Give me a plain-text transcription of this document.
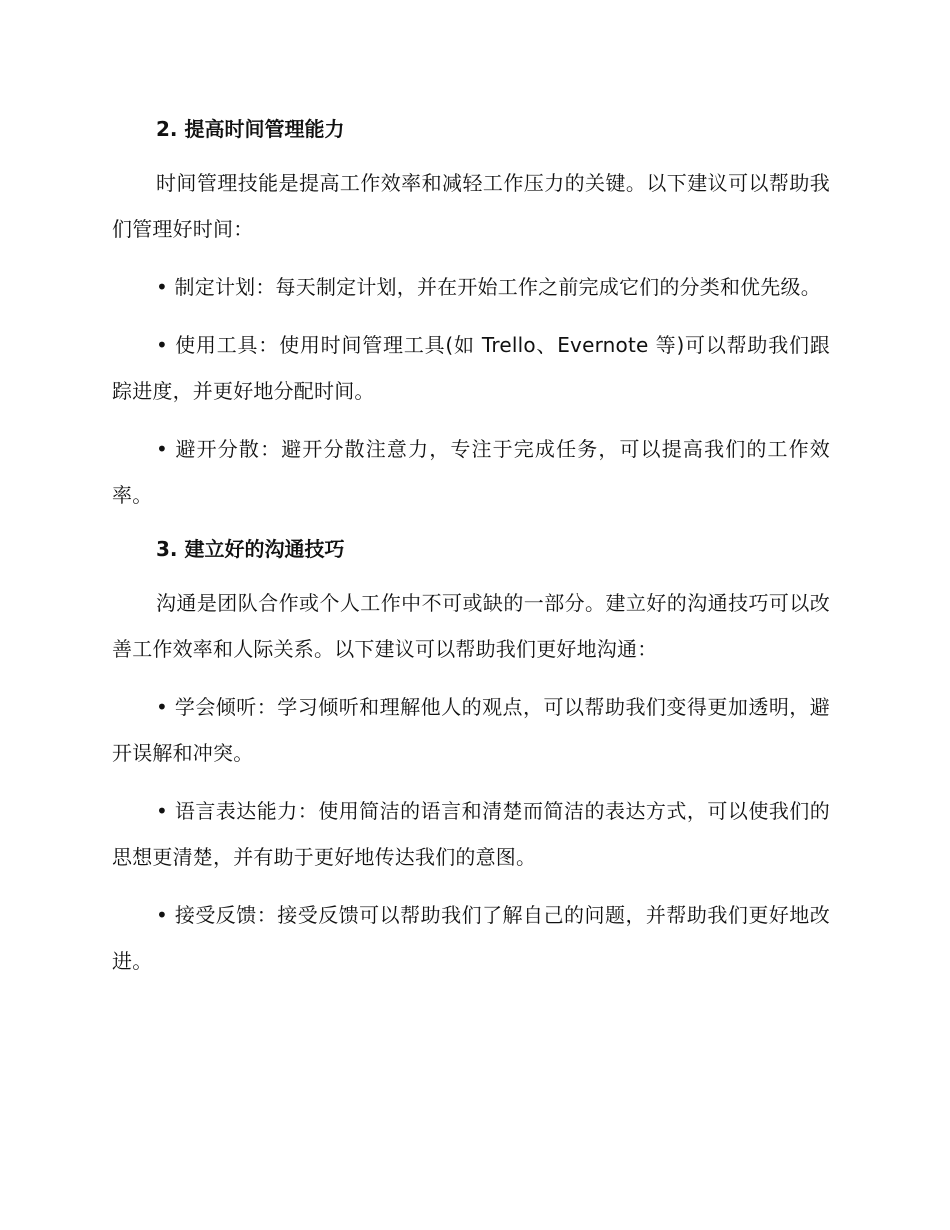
2. 提高时间管理能力

时间管理技能是提高工作效率和减轻工作压力的关键。以下建议可以帮助我们管理好时间：

• 制定计划：每天制定计划，并在开始工作之前完成它们的分类和优先级。

• 使用工具：使用时间管理工具(如 Trello、Evernote 等)可以帮助我们跟踪进度，并更好地分配时间。

• 避开分散：避开分散注意力，专注于完成任务，可以提高我们的工作效率。

3. 建立好的沟通技巧

沟通是团队合作或个人工作中不可或缺的一部分。建立好的沟通技巧可以改善工作效率和人际关系。以下建议可以帮助我们更好地沟通：

• 学会倾听：学习倾听和理解他人的观点，可以帮助我们变得更加透明，避开误解和冲突。

• 语言表达能力：使用简洁的语言和清楚而简洁的表达方式，可以使我们的思想更清楚，并有助于更好地传达我们的意图。

• 接受反馈：接受反馈可以帮助我们了解自己的问题，并帮助我们更好地改进。
